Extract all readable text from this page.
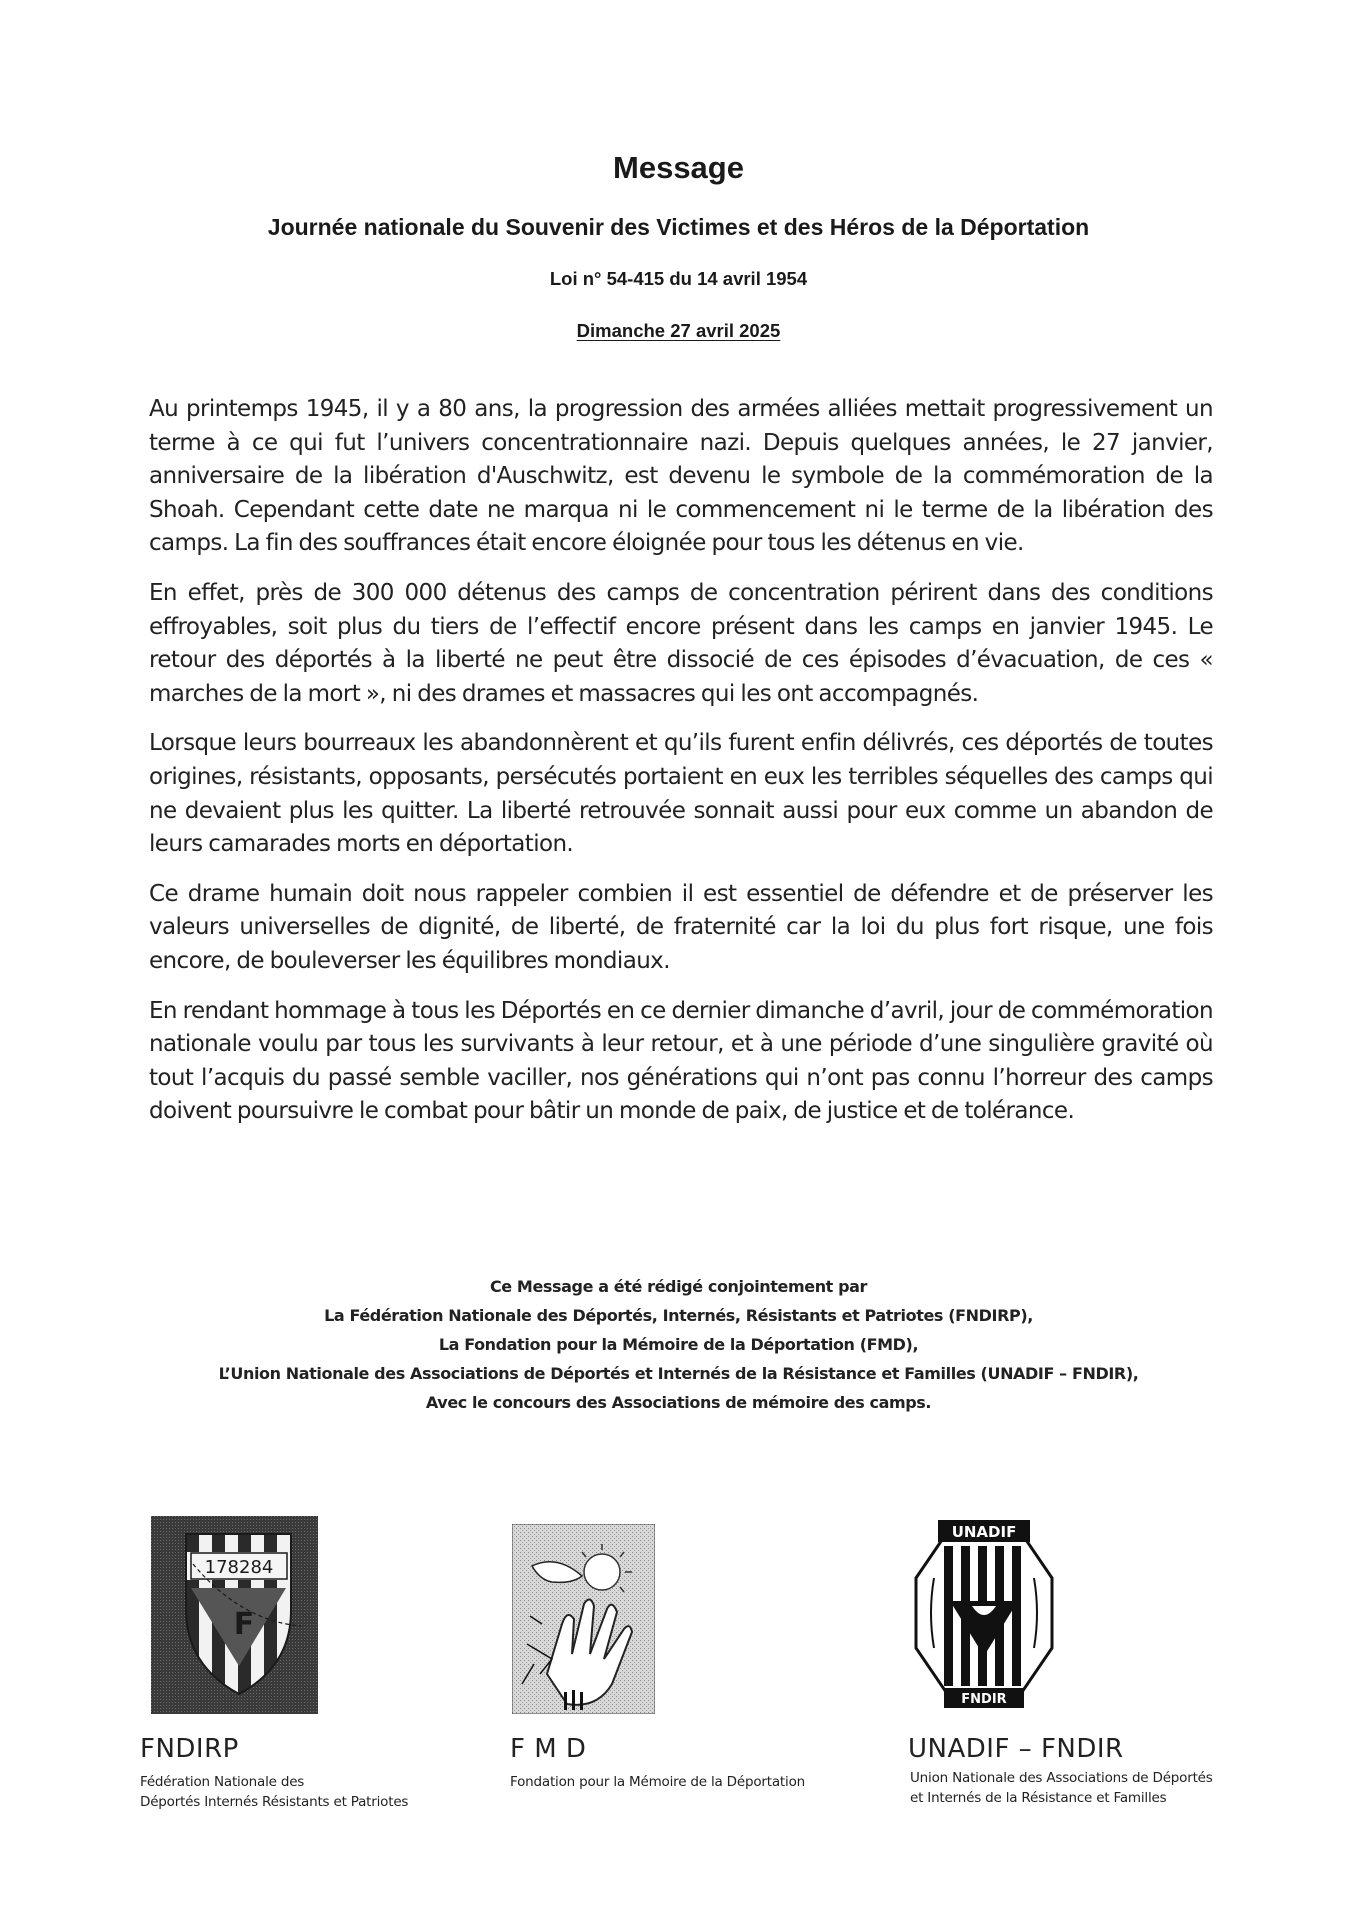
Message
Journée nationale du Souvenir des Victimes et des Héros de la Déportation
Loi n° 54-415 du 14 avril 1954
Dimanche 27 avril 2025

Au printemps 1945, il y a 80 ans, la progression des armées alliées mettait progressivement un terme à ce qui fut l’univers concentrationnaire nazi. Depuis quelques années, le 27 janvier, anniversaire de la libération d'Auschwitz, est devenu le symbole de la commémoration de la Shoah. Cependant cette date ne marqua ni le commencement ni le terme de la libération des camps. La fin des souffrances était encore éloignée pour tous les détenus en vie.

En effet, près de 300 000 détenus des camps de concentration périrent dans des conditions effroyables, soit plus du tiers de l’effectif encore présent dans les camps en janvier 1945. Le retour des déportés à la liberté ne peut être dissocié de ces épisodes d’évacuation, de ces « marches de la mort », ni des drames et massacres qui les ont accompagnés.

Lorsque leurs bourreaux les abandonnèrent et qu’ils furent enfin délivrés, ces déportés de toutes origines, résistants, opposants, persécutés portaient en eux les terribles séquelles des camps qui ne devaient plus les quitter. La liberté retrouvée sonnait aussi pour eux comme un abandon de leurs camarades morts en déportation.

Ce drame humain doit nous rappeler combien il est essentiel de défendre et de préserver les valeurs universelles de dignité, de liberté, de fraternité car la loi du plus fort risque, une fois encore, de bouleverser les équilibres mondiaux.

En rendant hommage à tous les Déportés en ce dernier dimanche d’avril, jour de commémoration nationale voulu par tous les survivants à leur retour, et à une période d’une singulière gravité où tout l’acquis du passé semble vaciller, nos générations qui n’ont pas connu l’horreur des camps doivent poursuivre le combat pour bâtir un monde de paix, de justice et de tolérance.

Ce Message a été rédigé conjointement par
La Fédération Nationale des Déportés, Internés, Résistants et Patriotes (FNDIRP),
La Fondation pour la Mémoire de la Déportation (FMD),
L’Union Nationale des Associations de Déportés et Internés de la Résistance et Familles (UNADIF – FNDIR),
Avec le concours des Associations de mémoire des camps.
178284
F
FNDIRP
Fédération Nationale des
Déportés Internés Résistants et Patriotes
F M D
Fondation pour la Mémoire de la Déportation
UNADIF
FNDIR
UNADIF – FNDIR
Union Nationale des Associations de Déportés
et Internés de la Résistance et Familles
